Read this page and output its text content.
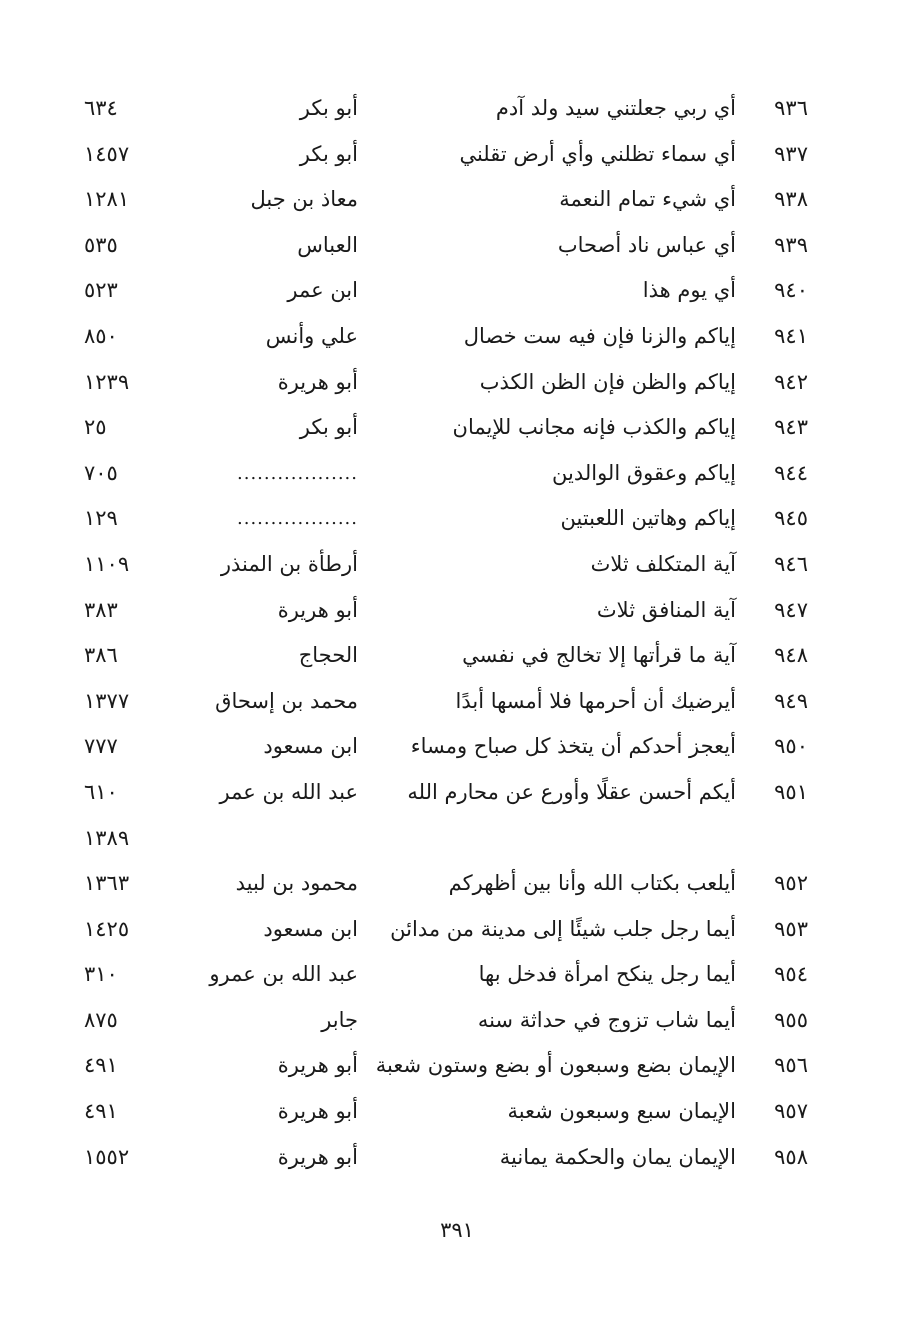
٩٣٦
أي ربي جعلتني سيد ولد آدم
أبو بكر
٦٣٤
٩٣٧
أي سماء تظلني وأي أرض تقلني
أبو بكر
١٤٥٧
٩٣٨
أي شيء تمام النعمة
معاذ بن جبل
١٢٨١
٩٣٩
أي عباس ناد أصحاب
العباس
٥٣٥
٩٤٠
أي يوم هذا
ابن عمر
٥٢٣
٩٤١
إياكم والزنا فإن فيه ست خصال
علي وأنس
٨٥٠
٩٤٢
إياكم والظن فإن الظن الكذب
أبو هريرة
١٢٣٩
٩٤٣
إياكم والكذب فإنه مجانب للإيمان
أبو بكر
٢٥
٩٤٤
إياكم وعقوق الوالدين
..................
٧٠٥
٩٤٥
إياكم وهاتين اللعبتين
..................
١٢٩
٩٤٦
آية المتكلف ثلاث
أرطأة بن المنذر
١١٠٩
٩٤٧
آية المنافق ثلاث
أبو هريرة
٣٨٣
٩٤٨
آية ما قرأتها إلا تخالج في نفسي
الحجاج
٣٨٦
٩٤٩
أيرضيك أن أحرمها فلا أمسها أبدًا
محمد بن إسحاق
١٣٧٧
٩٥٠
أيعجز أحدكم أن يتخذ كل صباح ومساء
ابن مسعود
٧٧٧
٩٥١
أيكم أحسن عقلًا وأورع عن محارم الله
عبد الله بن عمر
٦١٠
١٣٨٩
٩٥٢
أيلعب بكتاب الله وأنا بين أظهركم
محمود بن لبيد
١٣٦٣
٩٥٣
أيما رجل جلب شيئًا إلى مدينة من مدائن
ابن مسعود
١٤٢٥
٩٥٤
أيما رجل ينكح امرأة فدخل بها
عبد الله بن عمرو
٣١٠
٩٥٥
أيما شاب تزوج في حداثة سنه
جابر
٨٧٥
٩٥٦
الإيمان بضع وسبعون أو بضع وستون شعبة
أبو هريرة
٤٩١
٩٥٧
الإيمان سبع وسبعون شعبة
أبو هريرة
٤٩١
٩٥٨
الإيمان يمان والحكمة يمانية
أبو هريرة
١٥٥٢
٣٩١
